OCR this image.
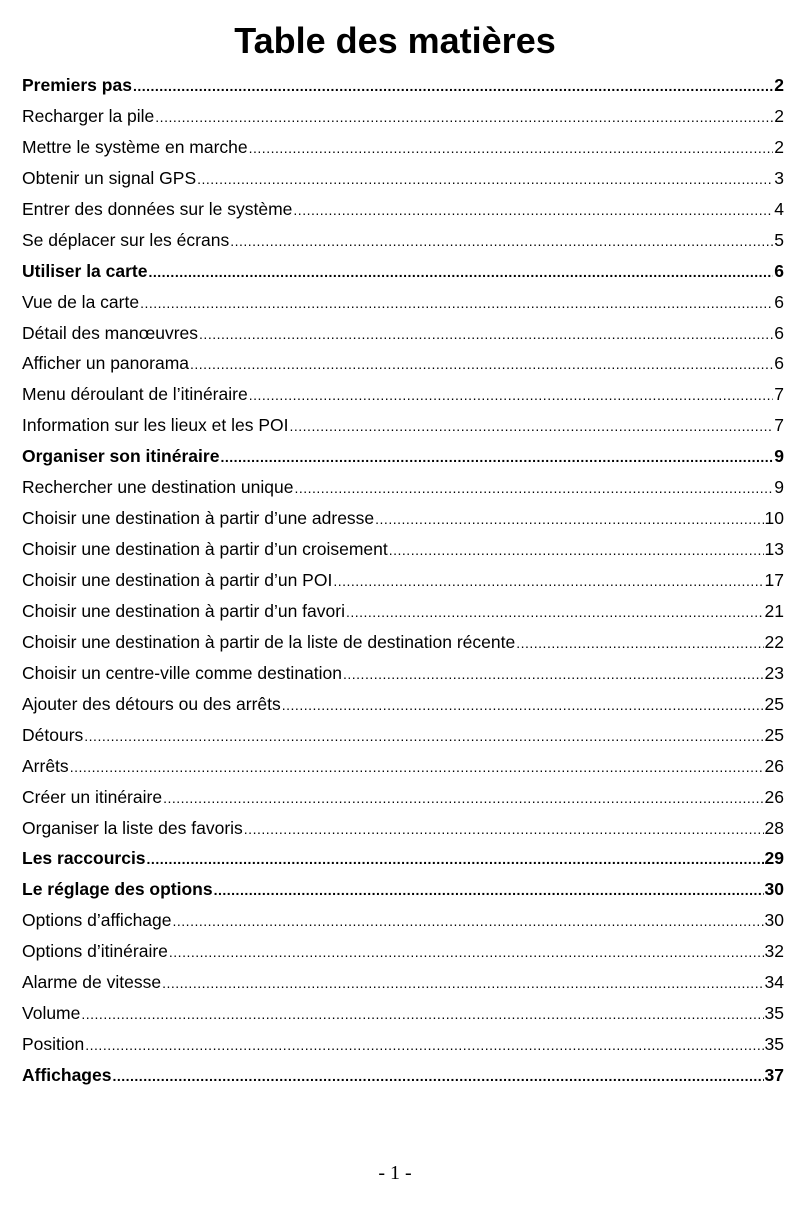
Table des matières
Premiers pas .....	2
Recharger la pile .....	2
Mettre le système en marche .....	2
Obtenir un signal GPS .....	3
Entrer des données sur le système .....	4
Se déplacer sur les écrans .....	5
Utiliser la carte .....	6
Vue de la carte .....	6
Détail des manœuvres .....	6
Afficher un panorama .....	6
Menu déroulant de l’itinéraire .....	7
Information sur les lieux et les POI .....	7
Organiser son itinéraire .....	9
Rechercher une destination unique .....	9
Choisir une destination à partir d’une adresse .....	10
Choisir une destination à partir d’un croisement .....	13
Choisir une destination à partir d’un POI .....	17
Choisir une destination à partir d’un favori .....	21
Choisir une destination à partir de la liste de destination récente .....	22
Choisir un centre-ville comme destination .....	23
Ajouter des détours ou des arrêts .....	25
Détours .....	25
Arrêts .....	26
Créer un itinéraire .....	26
Organiser la liste des favoris .....	28
Les raccourcis .....	29
Le réglage des options .....	30
Options d’affichage .....	30
Options d’itinéraire .....	32
Alarme de vitesse .....	34
Volume .....	35
Position .....	35
Affichages .....	37
- 1 -
